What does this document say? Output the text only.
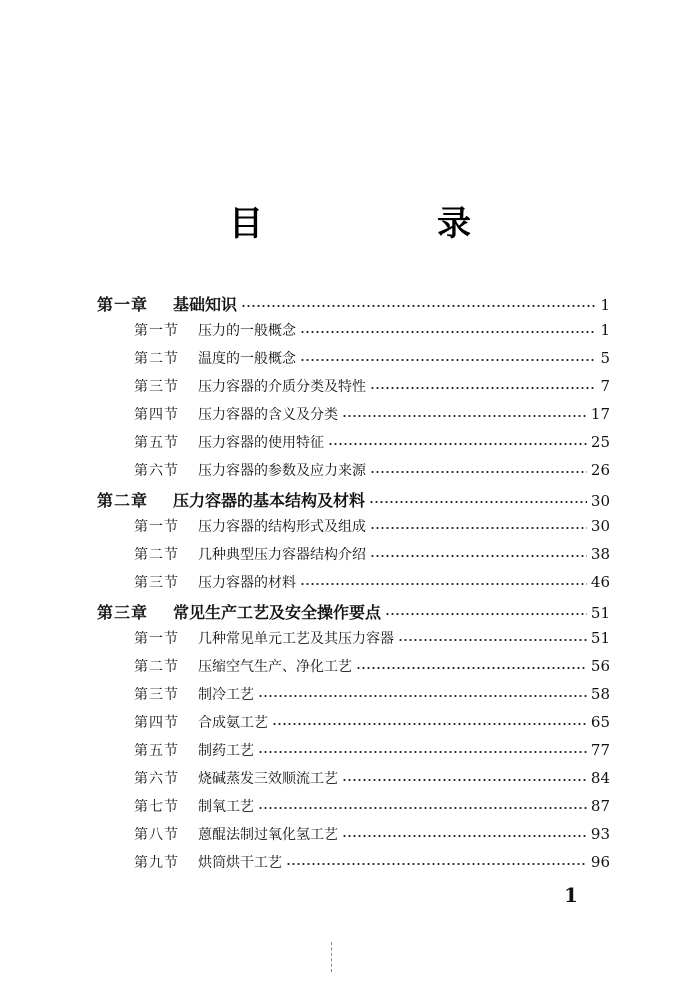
目　录
第一章	基础知识	1
第一节	压力的一般概念	1
第二节	温度的一般概念	5
第三节	压力容器的介质分类及特性	7
第四节	压力容器的含义及分类	17
第五节	压力容器的使用特征	25
第六节	压力容器的参数及应力来源	26
第二章	压力容器的基本结构及材料	30
第一节	压力容器的结构形式及组成	30
第二节	几种典型压力容器结构介绍	38
第三节	压力容器的材料	46
第三章	常见生产工艺及安全操作要点	51
第一节	几种常见单元工艺及其压力容器	51
第二节	压缩空气生产、净化工艺	56
第三节	制冷工艺	58
第四节	合成氨工艺	65
第五节	制药工艺	77
第六节	烧碱蒸发三效顺流工艺	84
第七节	制氧工艺	87
第八节	蒽醌法制过氧化氢工艺	93
第九节	烘筒烘干工艺	96
1
